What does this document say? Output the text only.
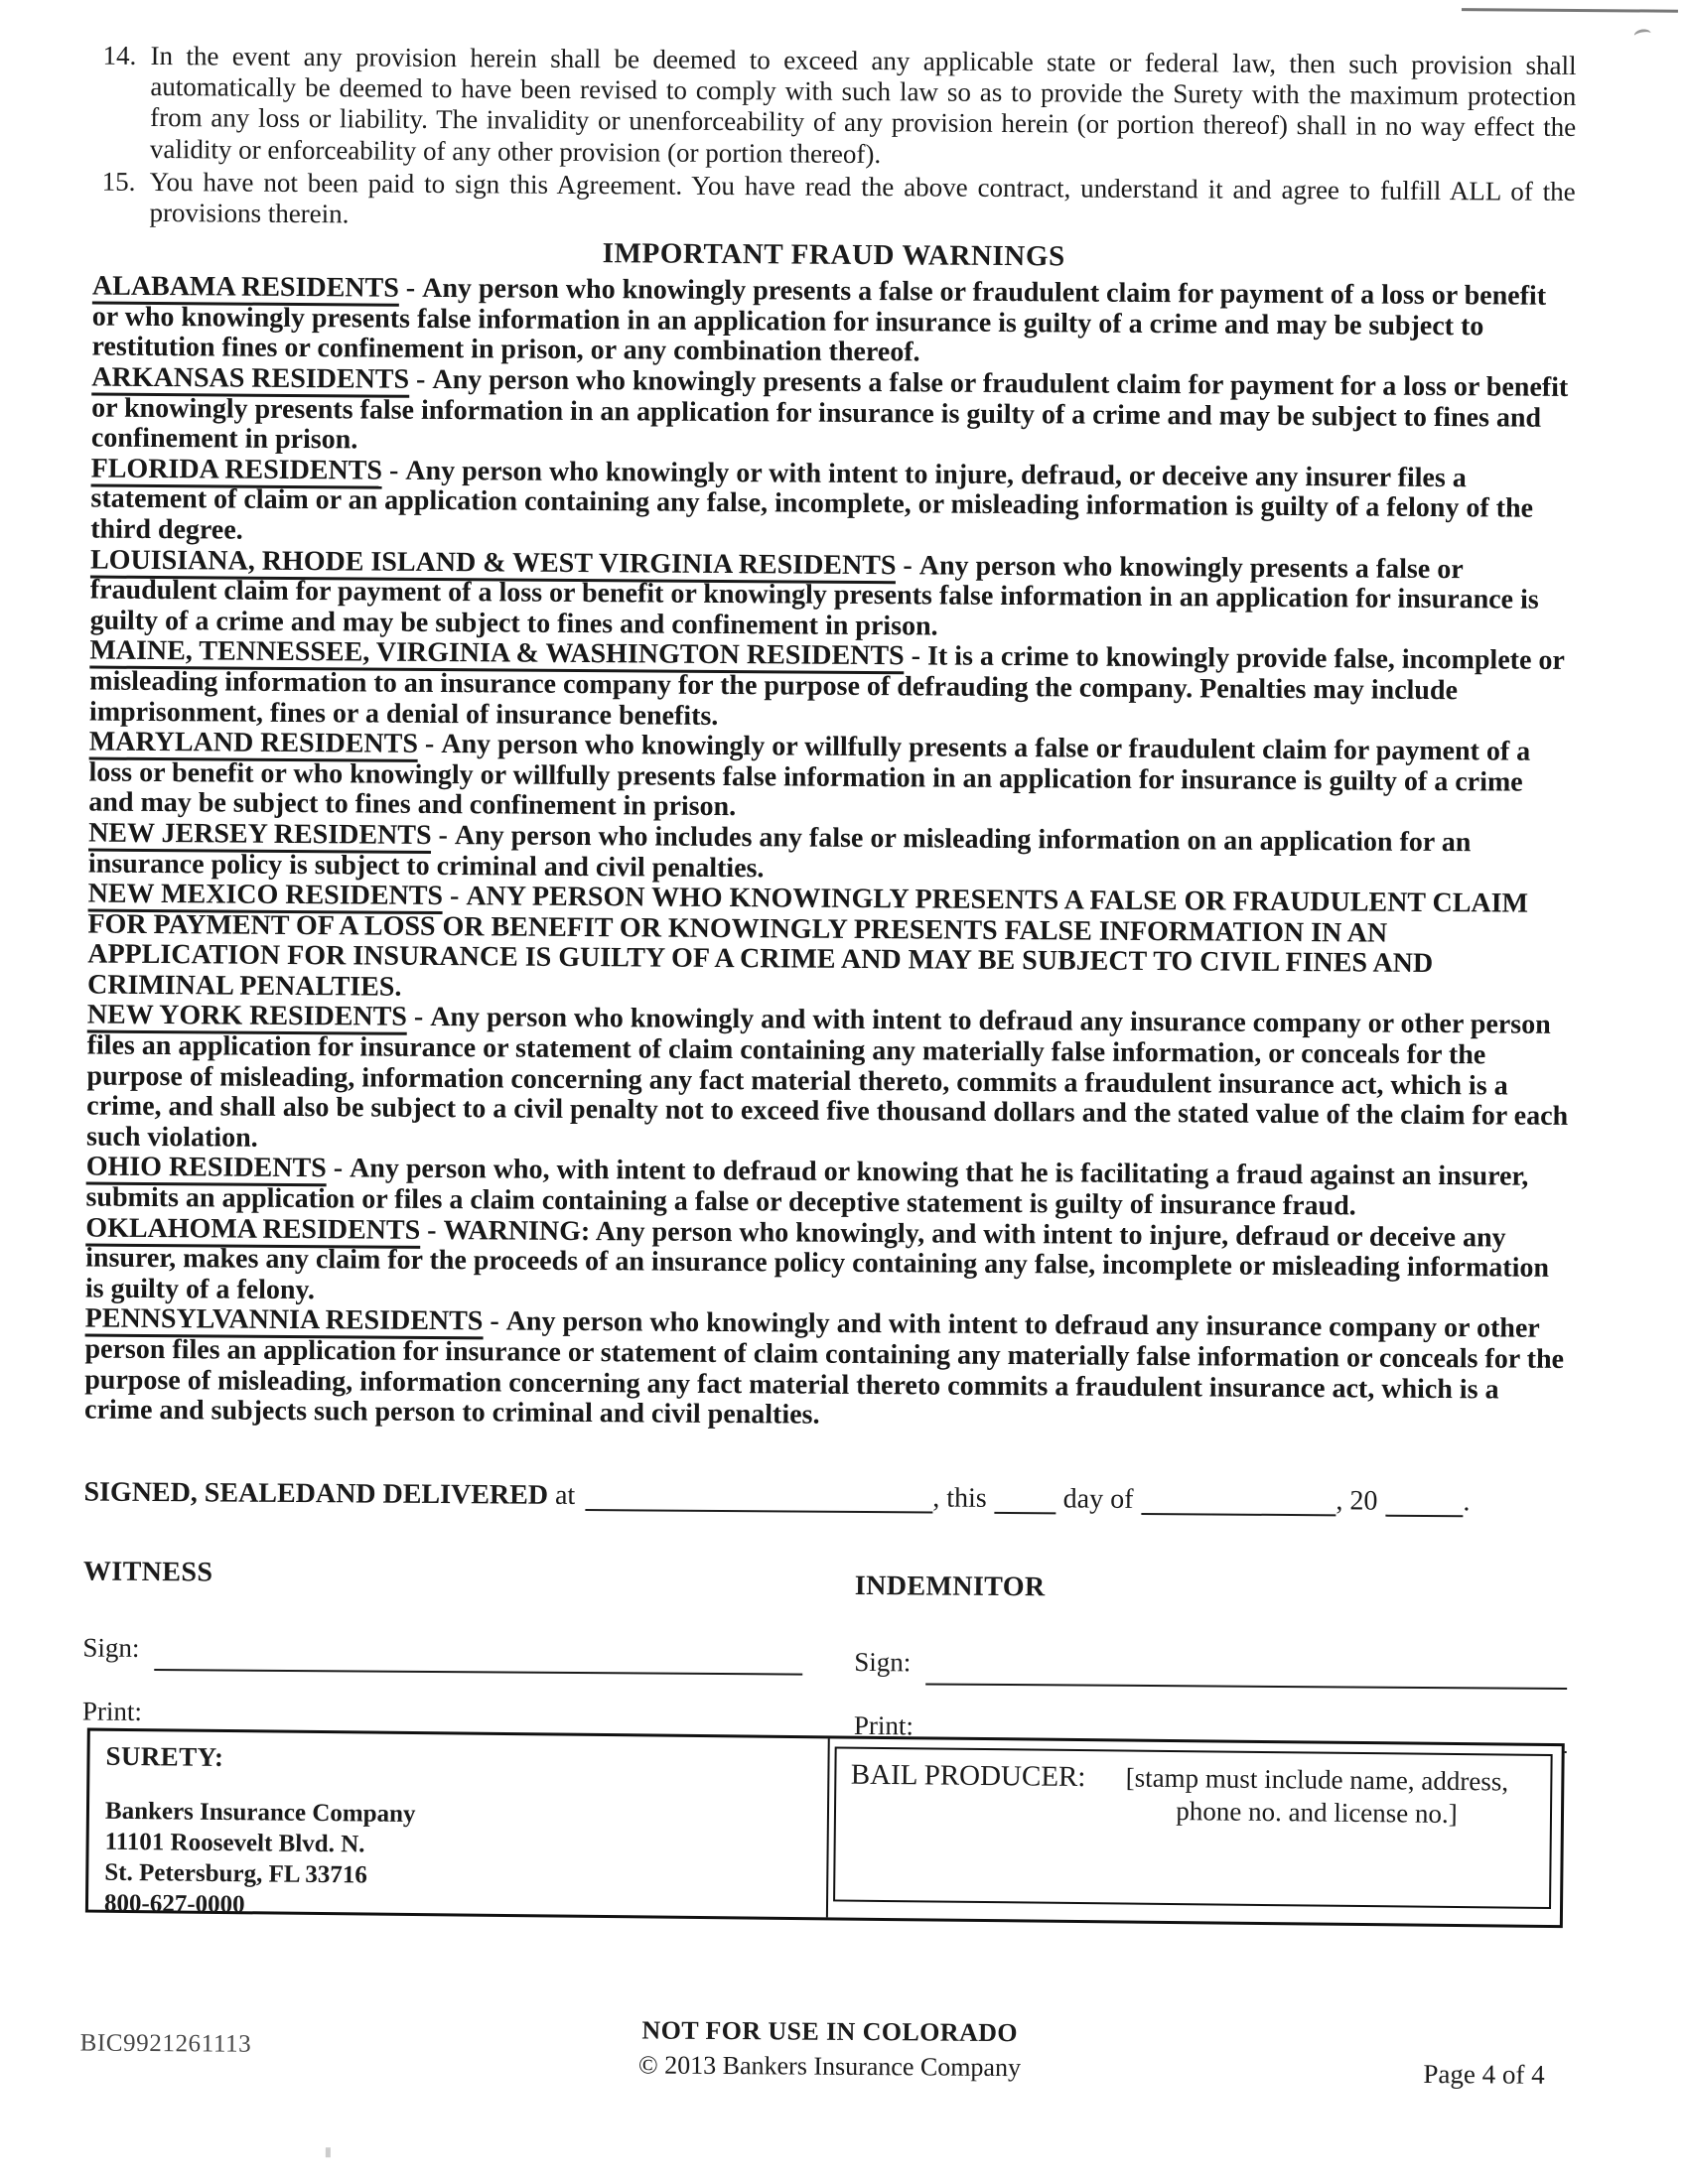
14. In the event any provision herein shall be deemed to exceed any applicable state or federal law, then such provision shall automatically be deemed to have been revised to comply with such law so as to provide the Surety with the maximum protection from any loss or liability. The invalidity or unenforceability of any provision herein (or portion thereof) shall in no way effect the validity or enforceability of any other provision (or portion thereof).
15. You have not been paid to sign this Agreement. You have read the above contract, understand it and agree to fulfill ALL of the provisions therein.
IMPORTANT FRAUD WARNINGS

ALABAMA RESIDENTS - Any person who knowingly presents a false or fraudulent claim for payment of a loss or benefit or who knowingly presents false information in an application for insurance is guilty of a crime and may be subject to restitution fines or confinement in prison, or any combination thereof.

ARKANSAS RESIDENTS - Any person who knowingly presents a false or fraudulent claim for payment for a loss or benefit or knowingly presents false information in an application for insurance is guilty of a crime and may be subject to fines and confinement in prison.

FLORIDA RESIDENTS - Any person who knowingly or with intent to injure, defraud, or deceive any insurer files a statement of claim or an application containing any false, incomplete, or misleading information is guilty of a felony of the third degree.

LOUISIANA, RHODE ISLAND & WEST VIRGINIA RESIDENTS - Any person who knowingly presents a false or fraudulent claim for payment of a loss or benefit or knowingly presents false information in an application for insurance is guilty of a crime and may be subject to fines and confinement in prison.

MAINE, TENNESSEE, VIRGINIA & WASHINGTON RESIDENTS - It is a crime to knowingly provide false, incomplete or misleading information to an insurance company for the purpose of defrauding the company. Penalties may include imprisonment, fines or a denial of insurance benefits.

MARYLAND RESIDENTS - Any person who knowingly or willfully presents a false or fraudulent claim for payment of a loss or benefit or who knowingly or willfully presents false information in an application for insurance is guilty of a crime and may be subject to fines and confinement in prison.

NEW JERSEY RESIDENTS - Any person who includes any false or misleading information on an application for an insurance policy is subject to criminal and civil penalties.

NEW MEXICO RESIDENTS - ANY PERSON WHO KNOWINGLY PRESENTS A FALSE OR FRAUDULENT CLAIM FOR PAYMENT OF A LOSS OR BENEFIT OR KNOWINGLY PRESENTS FALSE INFORMATION IN AN APPLICATION FOR INSURANCE IS GUILTY OF A CRIME AND MAY BE SUBJECT TO CIVIL FINES AND CRIMINAL PENALTIES.

NEW YORK RESIDENTS - Any person who knowingly and with intent to defraud any insurance company or other person files an application for insurance or statement of claim containing any materially false information, or conceals for the purpose of misleading, information concerning any fact material thereto, commits a fraudulent insurance act, which is a crime, and shall also be subject to a civil penalty not to exceed five thousand dollars and the stated value of the claim for each such violation.

OHIO RESIDENTS - Any person who, with intent to defraud or knowing that he is facilitating a fraud against an insurer, submits an application or files a claim containing a false or deceptive statement is guilty of insurance fraud.

OKLAHOMA RESIDENTS - WARNING: Any person who knowingly, and with intent to injure, defraud or deceive any insurer, makes any claim for the proceeds of an insurance policy containing any false, incomplete or misleading information is guilty of a felony.

PENNSYLVANNIA RESIDENTS - Any person who knowingly and with intent to defraud any insurance company or other person files an application for insurance or statement of claim containing any materially false information or conceals for the purpose of misleading, information concerning any fact material thereto commits a fraudulent insurance act, which is a crime and subjects such person to criminal and civil penalties.

SIGNED, SEALEDAND DELIVERED at	, this	day of	, 20	.
WITNESS
Sign:
Print:
INDEMNITOR
Sign:
Print:
SURETY:
Bankers Insurance Company
11101 Roosevelt Blvd. N.
St. Petersburg, FL 33716
800-627-0000
BAIL PRODUCER:	[stamp must include name, address, phone no. and license no.]
BIC9921261113	NOT FOR USE IN COLORADO
© 2013 Bankers Insurance Company	Page 4 of 4
